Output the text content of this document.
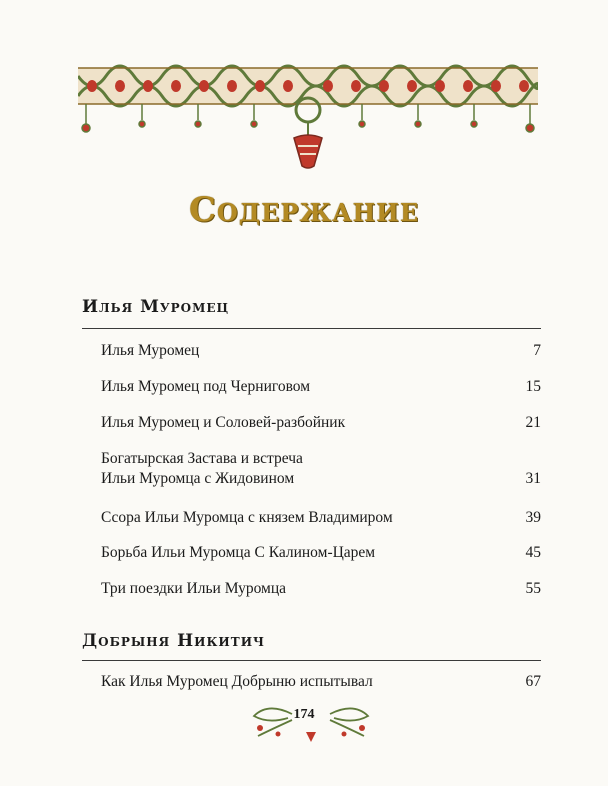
Содержание
Илья Муромец
Илья Муромец	7
Илья Муромец под Черниговом	15
Илья Муромец и Соловей-разбойник	21
Богатырская Застава и встреча
Ильи Муромца с Жидовином	31
Ссора Ильи Муромца с князем Владимиром	39
Борьба Ильи Муромца С Калином-Царем	45
Три поездки Ильи Муромца	55
Добрыня Никитич
Как Илья Муромец Добрыню испытывал	67
174
